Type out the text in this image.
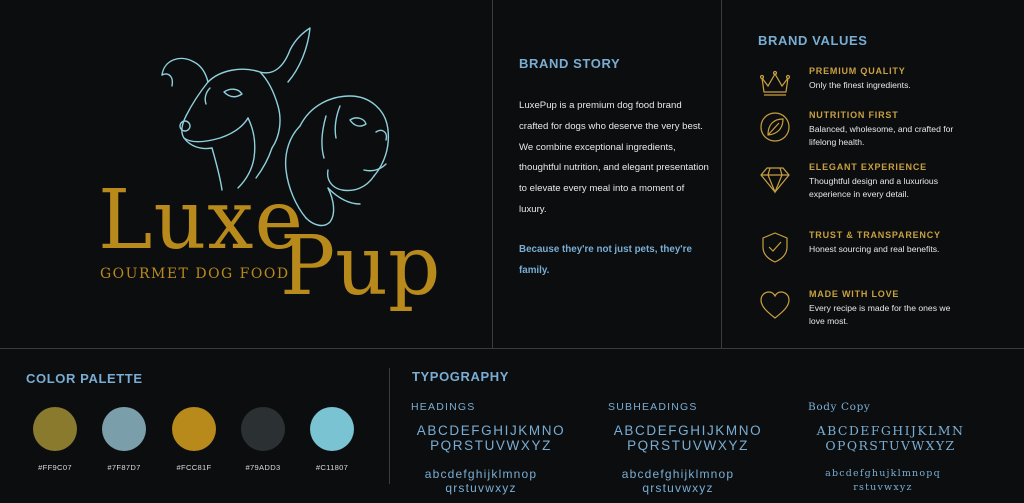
Luxe
Pup
GOURMET DOG FOOD
BRAND STORY
LuxePup is a premium dog food brand crafted for dogs who deserve the very best. We combine exceptional ingredients, thoughtful nutrition, and elegant presentation to elevate every meal into a moment of luxury.
Because they're not just pets, they're family.
BRAND VALUES
PREMIUM QUALITY
Only the finest ingredients.
NUTRITION FIRST
Balanced, wholesome, and crafted for lifelong health.
ELEGANT EXPERIENCE
Thoughtful design and a luxurious experience in every detail.
TRUST & TRANSPARENCY
Honest sourcing and real benefits.
MADE WITH LOVE
Every recipe is made for the ones we love most.
COLOR PALETTE
#FF9C07	#7F87D7	#FCC81F	#79ADD3	#C11807
TYPOGRAPHY
HEADINGS
ABCDEFGHIJKMNO PQRSTUVWXYZ
abcdefghijklmnop qrstuvwxyz
SUBHEADINGS
ABCDEFGHIJKMNO PQRSTUVWXYZ
abcdefghijklmnop qrstuvwxyz
Body Copy
ABCDEFGHIJKLMN OPQRSTUVWXYZ
abcdefghujklmnopq rstuvwxyz
